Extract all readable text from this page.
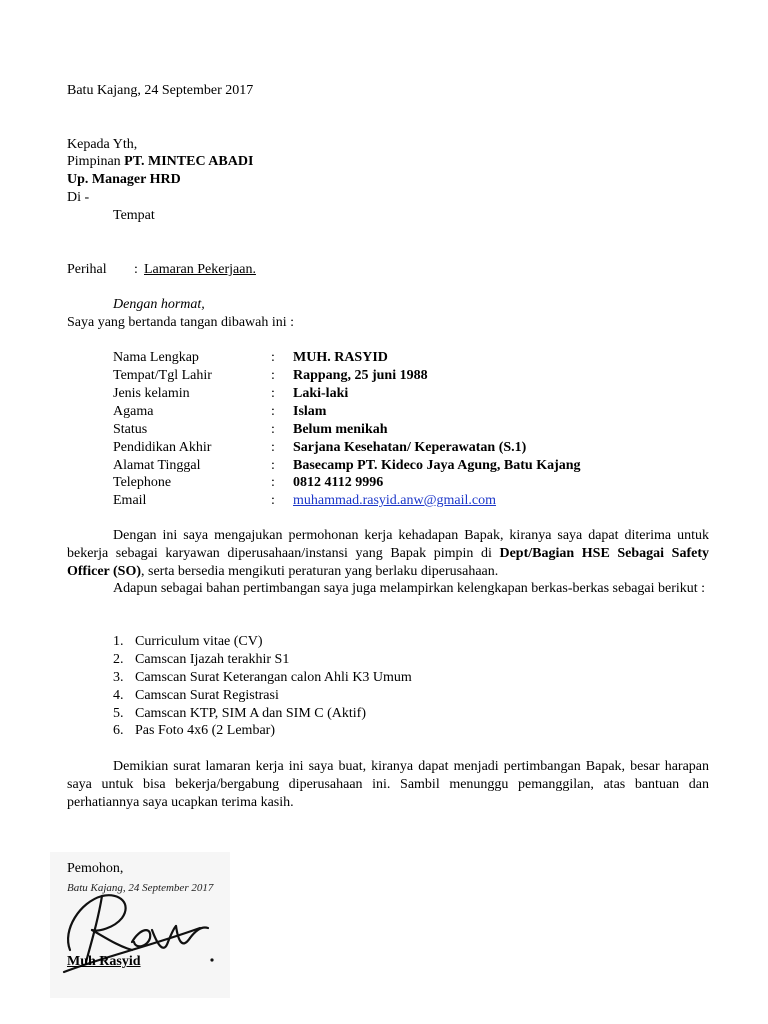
Batu Kajang, 24 September 2017
Kepada Yth,
Pimpinan PT. MINTEC ABADI
Up. Manager HRD
Di -
Tempat
Perihal : Lamaran Pekerjaan.
Dengan hormat,
Saya yang bertanda tangan dibawah ini :
Nama Lengkap	: MUH. RASYID
Tempat/Tgl Lahir	: Rappang, 25 juni 1988
Jenis kelamin	: Laki-laki
Agama	: Islam
Status	: Belum menikah
Pendidikan Akhir	: Sarjana Kesehatan/ Keperawatan (S.1)
Alamat Tinggal	: Basecamp PT. Kideco Jaya Agung, Batu Kajang
Telephone	: 0812 4112 9996
Email	: muhammad.rasyid.anw@gmail.com
Dengan ini saya mengajukan permohonan kerja kehadapan Bapak, kiranya saya dapat diterima untuk bekerja sebagai karyawan diperusahaan/instansi yang Bapak pimpin di Dept/Bagian HSE Sebagai Safety Officer (SO), serta bersedia mengikuti peraturan yang berlaku diperusahaan.
Adapun sebagai bahan pertimbangan saya juga melampirkan kelengkapan berkas-berkas sebagai berikut :
1. Curriculum vitae (CV)
2. Camscan Ijazah terakhir S1
3. Camscan Surat Keterangan calon Ahli K3 Umum
4. Camscan Surat Registrasi
5. Camscan KTP, SIM A dan SIM C (Aktif)
6. Pas Foto 4x6 (2 Lembar)
Demikian surat lamaran kerja ini saya buat, kiranya dapat menjadi pertimbangan Bapak, besar harapan saya untuk bisa bekerja/bergabung diperusahaan ini. Sambil menunggu pemanggilan, atas bantuan dan perhatiannya saya ucapkan terima kasih.
Pemohon,
Batu Kajang, 24 September 2017
Muh Rasyid
